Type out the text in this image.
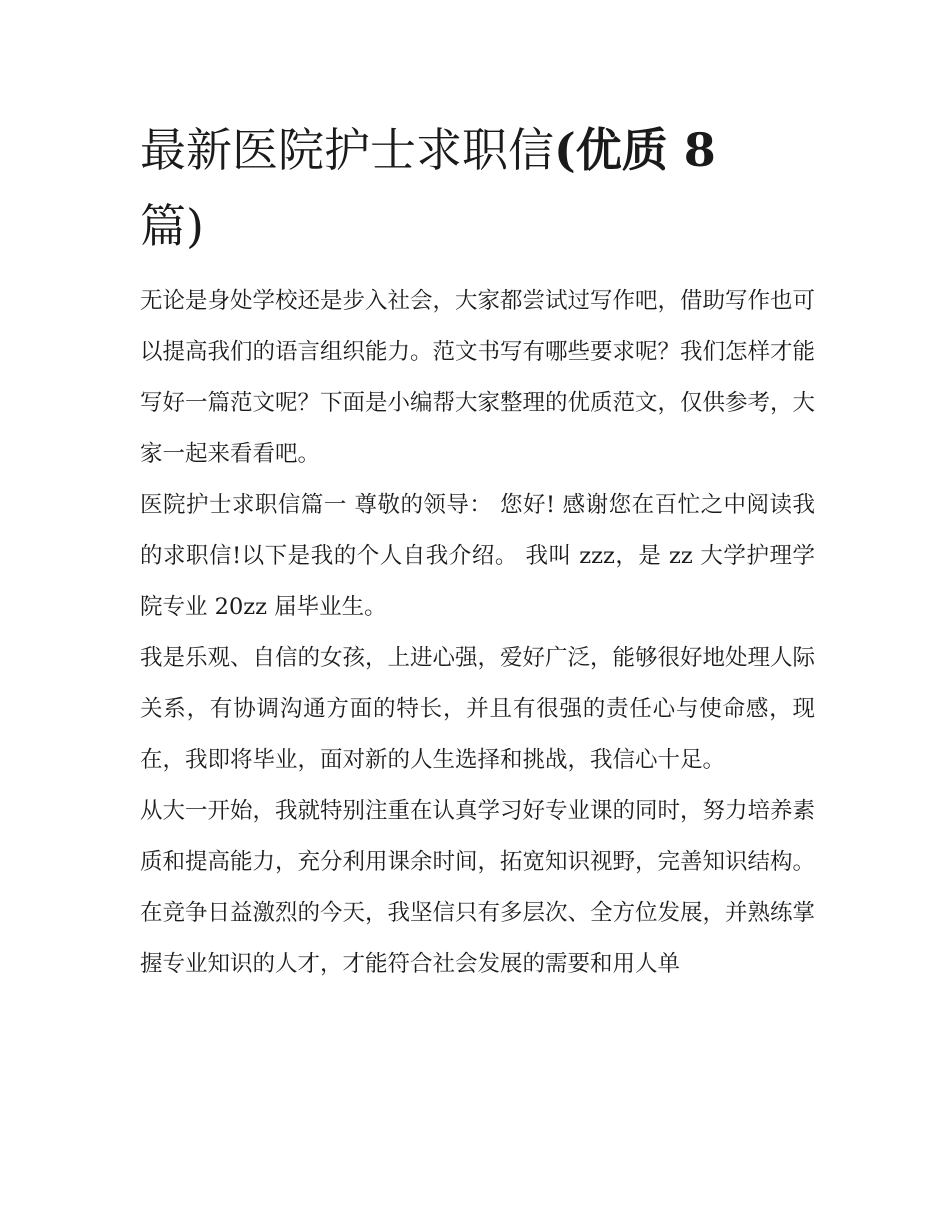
最新医院护士求职信(优质 8
篇)

无论是身处学校还是步入社会，大家都尝试过写作吧，借助写作也可以提高我们的语言组织能力。范文书写有哪些要求呢？我们怎样才能写好一篇范文呢？下面是小编帮大家整理的优质范文，仅供参考，大家一起来看看吧。

医院护士求职信篇一 尊敬的领导： 您好! 感谢您在百忙之中阅读我的求职信!以下是我的个人自我介绍。 我叫 zzz，是 zz 大学护理学院专业 20zz 届毕业生。

我是乐观、自信的女孩，上进心强，爱好广泛，能够很好地处理人际关系，有协调沟通方面的特长，并且有很强的责任心与使命感，现在，我即将毕业，面对新的人生选择和挑战，我信心十足。

从大一开始，我就特别注重在认真学习好专业课的同时，努力培养素质和提高能力，充分利用课余时间，拓宽知识视野，完善知识结构。

在竞争日益激烈的今天，我坚信只有多层次、全方位发展，并熟练掌握专业知识的人才，才能符合社会发展的需要和用人单
